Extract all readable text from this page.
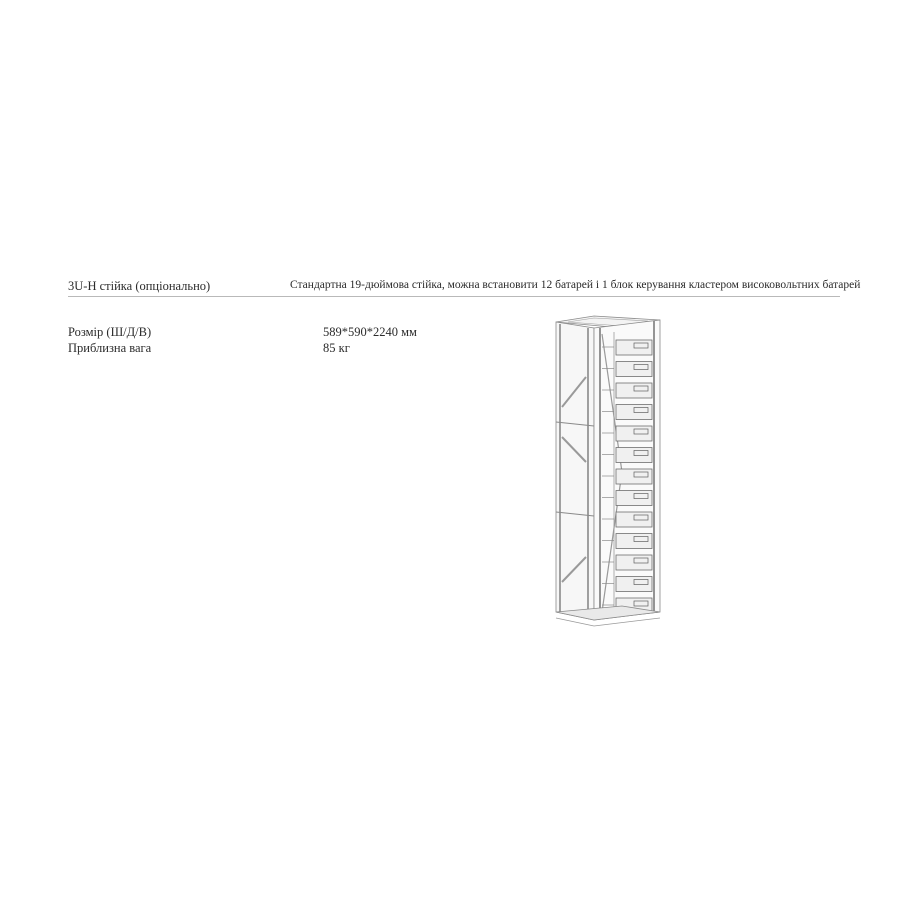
3U-H стійка (опціонально)	Стандартна 19-дюймова стійка, можна встановити 12 батарей і 1 блок керування кластером високовольтних батарей
Розмір (Ш/Д/В)	589*590*2240 мм
Приблизна вага	85 кг
